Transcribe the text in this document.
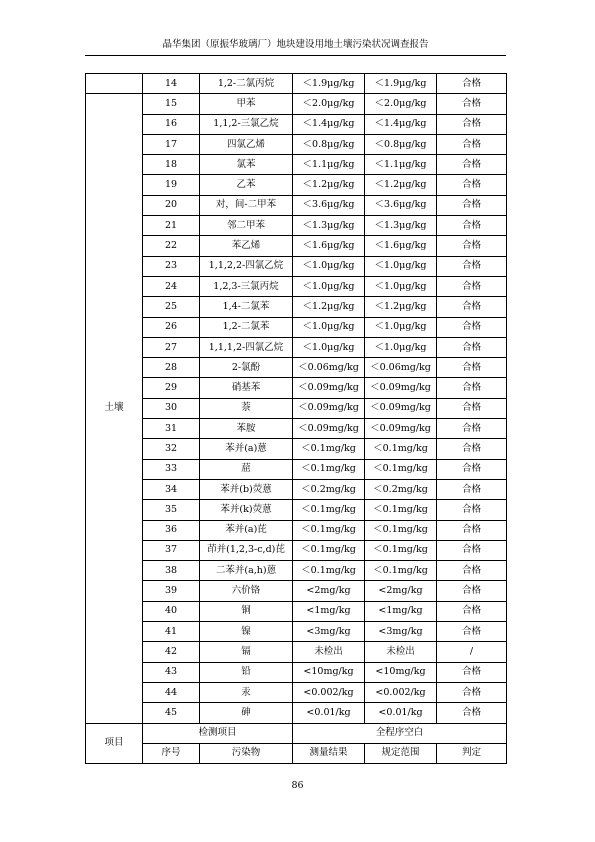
晶华集团（原振华玻璃厂）地块建设用地土壤污染状况调查报告
	14	1,2-二氯丙烷	＜1.9μg/kg	＜1.9μg/kg	合格
土壤	15	甲苯	＜2.0μg/kg	＜2.0μg/kg	合格
	16	1,1,2-三氯乙烷	＜1.4μg/kg	＜1.4μg/kg	合格
	17	四氯乙烯	＜0.8μg/kg	＜0.8μg/kg	合格
	18	氯苯	＜1.1μg/kg	＜1.1μg/kg	合格
	19	乙苯	＜1.2μg/kg	＜1.2μg/kg	合格
	20	对，间-二甲苯	＜3.6μg/kg	＜3.6μg/kg	合格
	21	邻二甲苯	＜1.3μg/kg	＜1.3μg/kg	合格
	22	苯乙烯	＜1.6μg/kg	＜1.6μg/kg	合格
	23	1,1,2,2-四氯乙烷	＜1.0μg/kg	＜1.0μg/kg	合格
	24	1,2,3-三氯丙烷	＜1.0μg/kg	＜1.0μg/kg	合格
	25	1,4-二氯苯	＜1.2μg/kg	＜1.2μg/kg	合格
	26	1,2-二氯苯	＜1.0μg/kg	＜1.0μg/kg	合格
	27	1,1,1,2-四氯乙烷	＜1.0μg/kg	＜1.0μg/kg	合格
	28	2-氯酚	＜0.06mg/kg	＜0.06mg/kg	合格
	29	硝基苯	＜0.09mg/kg	＜0.09mg/kg	合格
	30	萘	＜0.09mg/kg	＜0.09mg/kg	合格
	31	苯胺	＜0.09mg/kg	＜0.09mg/kg	合格
	32	苯并(a)蒽	＜0.1mg/kg	＜0.1mg/kg	合格
	33	䓛	＜0.1mg/kg	＜0.1mg/kg	合格
	34	苯并(b)荧蒽	＜0.2mg/kg	＜0.2mg/kg	合格
	35	苯并(k)荧蒽	＜0.1mg/kg	＜0.1mg/kg	合格
	36	苯并(a)芘	＜0.1mg/kg	＜0.1mg/kg	合格
	37	茚并(1,2,3-c,d)芘	＜0.1mg/kg	＜0.1mg/kg	合格
	38	二苯并(a,h)蒽	＜0.1mg/kg	＜0.1mg/kg	合格
	39	六价铬	<2mg/kg	<2mg/kg	合格
	40	铜	<1mg/kg	<1mg/kg	合格
	41	镍	<3mg/kg	<3mg/kg	合格
	42	镉	未检出	未检出	/
	43	铅	<10mg/kg	<10mg/kg	合格
	44	汞	<0.002/kg	<0.002/kg	合格
	45	砷	<0.01/kg	<0.01/kg	合格
项目	检测项目		全程序空白		
	序号	污染物	测量结果	规定范围	判定
86
